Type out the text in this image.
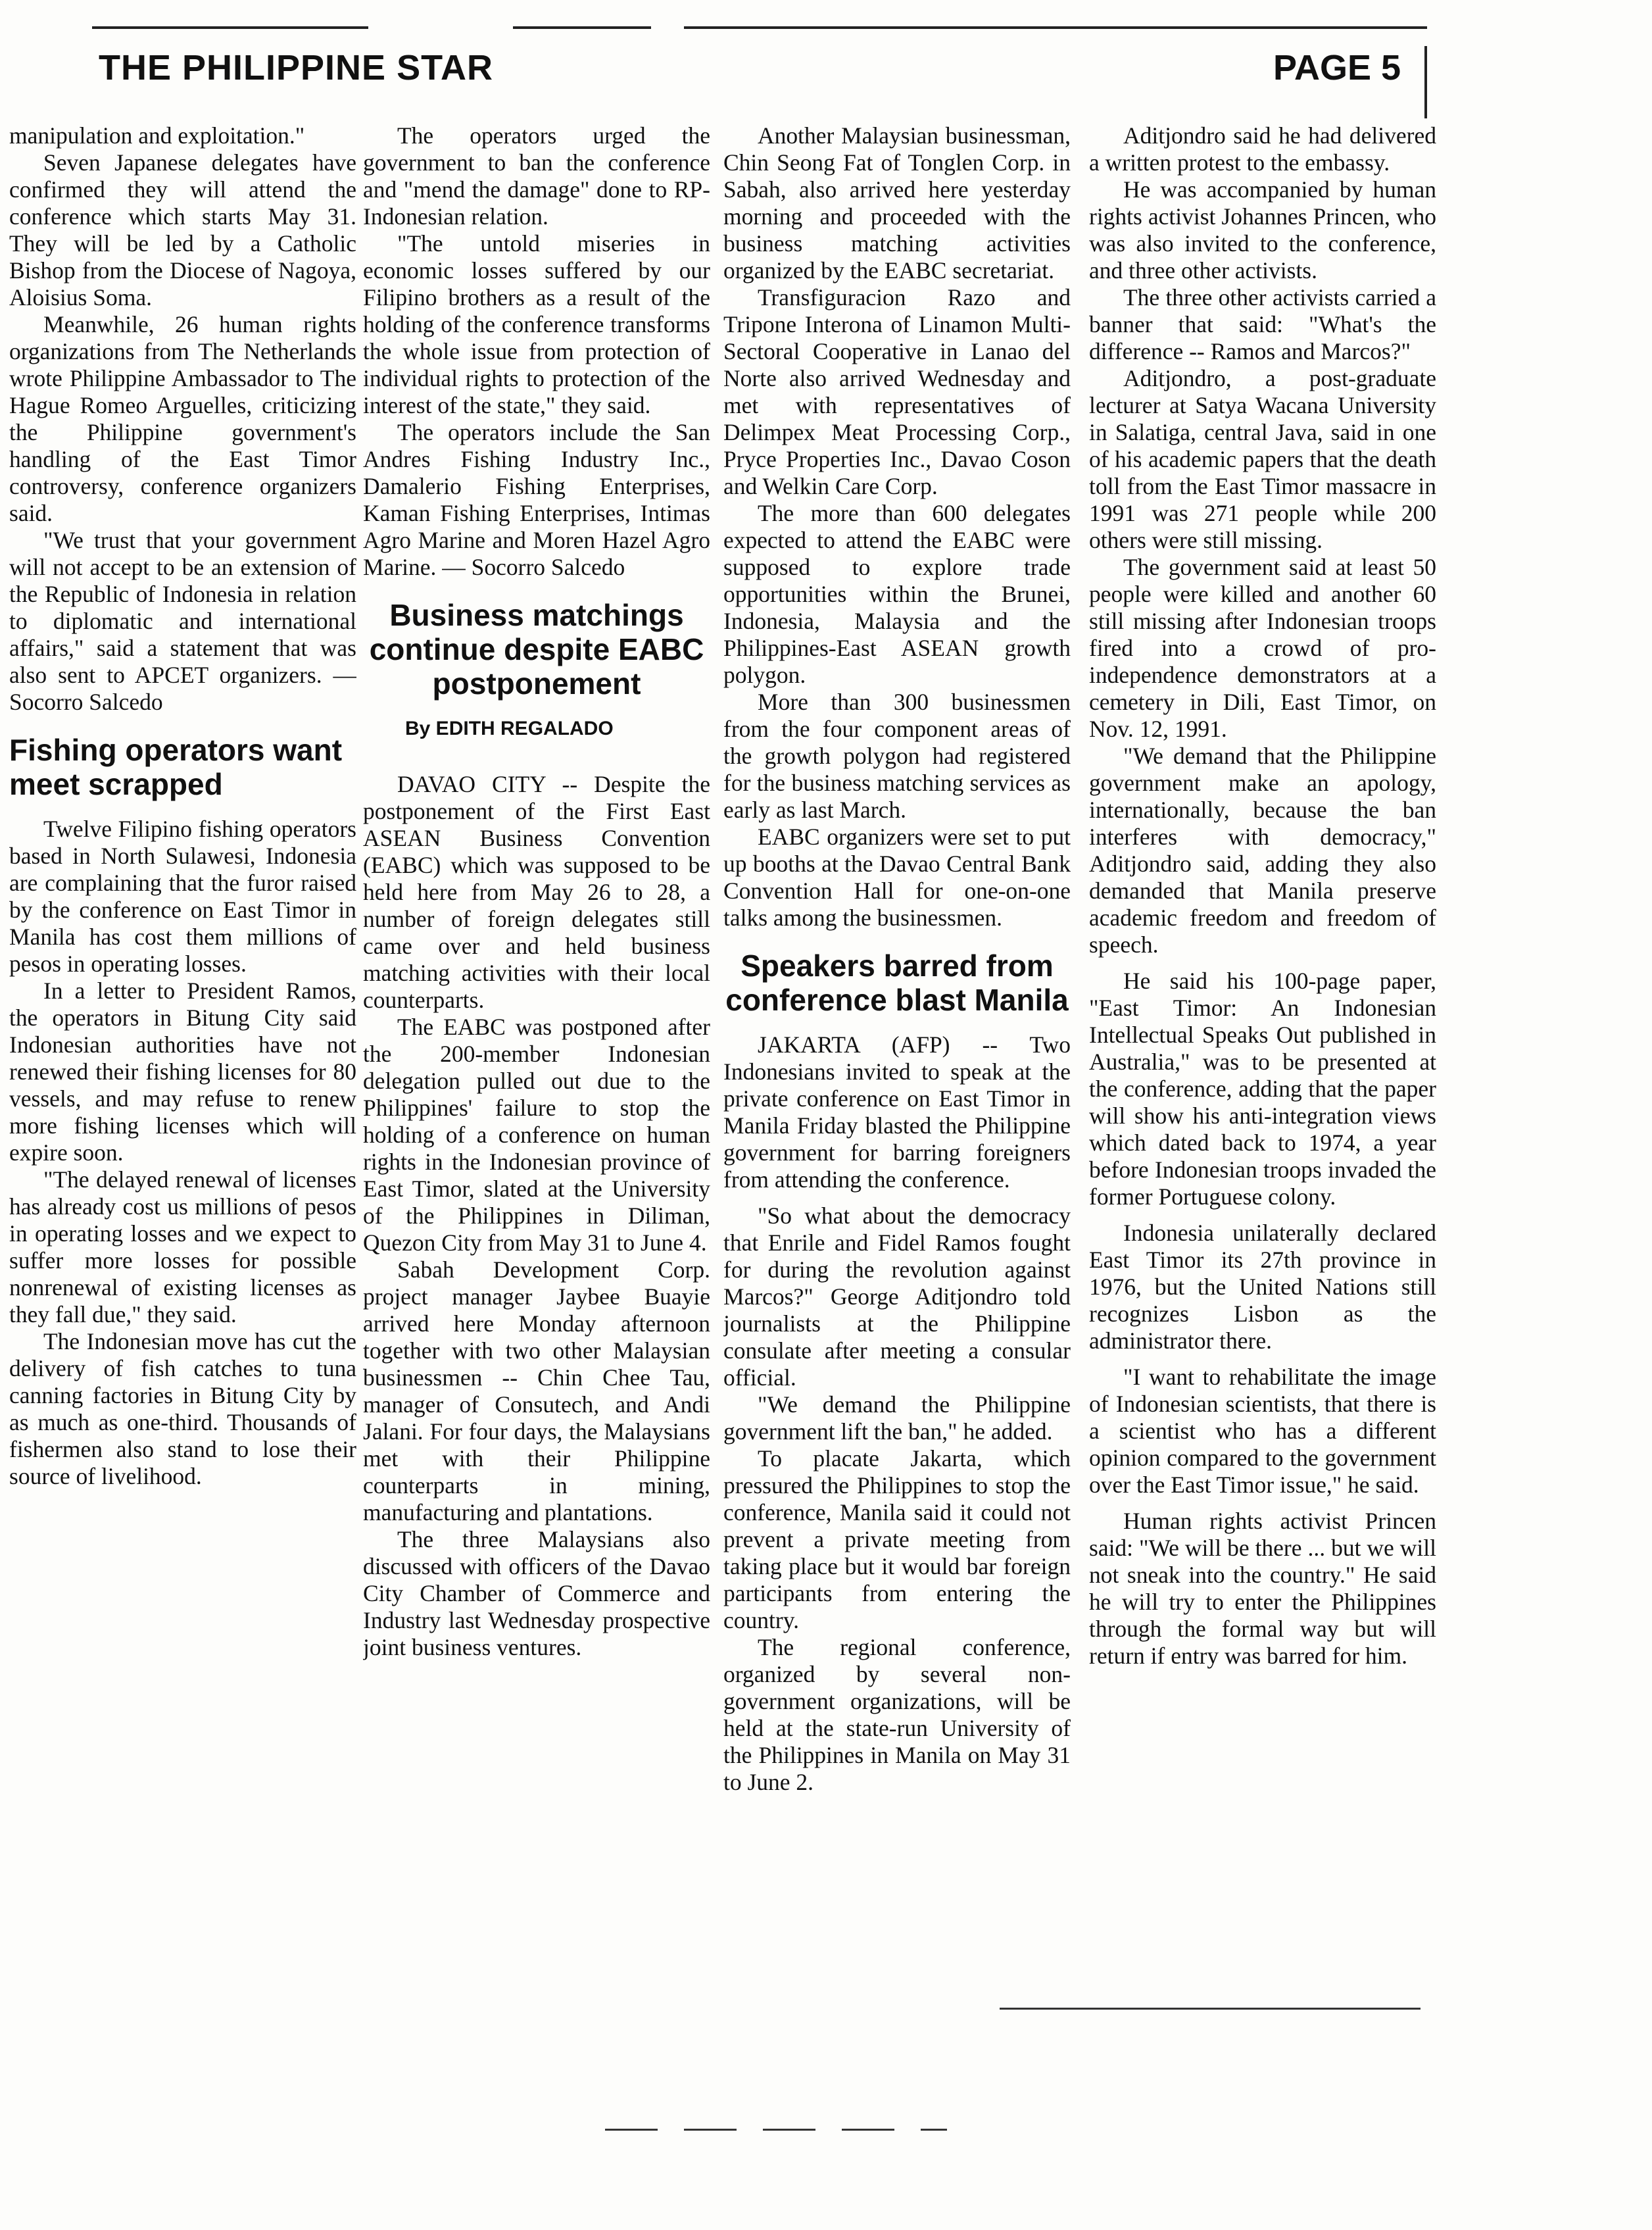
THE PHILIPPINE STAR	PAGE 5

manipulation and exploitation."

Seven Japanese delegates have confirmed they will attend the conference which starts May 31. They will be led by a Catholic Bishop from the Diocese of Nagoya, Aloisius Soma.

Meanwhile, 26 human rights organizations from The Netherlands wrote Philippine Ambassador to The Hague Romeo Arguelles, criticizing the Philippine government's handling of the East Timor controversy, conference organizers said.

"We trust that your government will not accept to be an extension of the Republic of Indonesia in relation to diplomatic and international affairs," said a statement that was also sent to APCET organizers. — Socorro Salcedo

Fishing operators want meet scrapped

Twelve Filipino fishing operators based in North Sulawesi, Indonesia are complaining that the furor raised by the conference on East Timor in Manila has cost them millions of pesos in operating losses.

In a letter to President Ramos, the operators in Bitung City said Indonesian authorities have not renewed their fishing licenses for 80 vessels, and may refuse to renew more fishing licenses which will expire soon.

"The delayed renewal of licenses has already cost us millions of pesos in operating losses and we expect to suffer more losses for possible nonrenewal of existing licenses as they fall due," they said.

The Indonesian move has cut the delivery of fish catches to tuna canning factories in Bitung City by as much as one-third. Thousands of fishermen also stand to lose their source of livelihood.

The operators urged the government to ban the conference and "mend the damage" done to RP-Indonesian relation.

"The untold miseries in economic losses suffered by our Filipino brothers as a result of the holding of the conference transforms the whole issue from protection of individual rights to protection of the interest of the state," they said.

The operators include the San Andres Fishing Industry Inc., Damalerio Fishing Enterprises, Kaman Fishing Enterprises, Intimas Agro Marine and Moren Hazel Agro Marine. — Socorro Salcedo

Business matchings continue despite EABC postponement
By EDITH REGALADO

DAVAO CITY -- Despite the postponement of the First East ASEAN Business Convention (EABC) which was supposed to be held here from May 26 to 28, a number of foreign delegates still came over and held business matching activities with their local counterparts.

The EABC was postponed after the 200-member Indonesian delegation pulled out due to the Philippines' failure to stop the holding of a conference on human rights in the Indonesian province of East Timor, slated at the University of the Philippines in Diliman, Quezon City from May 31 to June 4.

Sabah Development Corp. project manager Jaybee Buayie arrived here Monday afternoon together with two other Malaysian businessmen -- Chin Chee Tau, manager of Consutech, and Andi Jalani. For four days, the Malaysians met with their Philippine counterparts in mining, manufacturing and plantations.

The three Malaysians also discussed with officers of the Davao City Chamber of Commerce and Industry last Wednesday prospective joint business ventures.

Another Malaysian businessman, Chin Seong Fat of Tonglen Corp. in Sabah, also arrived here yesterday morning and proceeded with the business matching activities organized by the EABC secretariat.

Transfiguracion Razo and Tripone Interona of Linamon Multi- Sectoral Cooperative in Lanao del Norte also arrived Wednesday and met with representatives of Delimpex Meat Processing Corp., Pryce Properties Inc., Davao Coson and Welkin Care Corp.

The more than 600 delegates expected to attend the EABC were supposed to explore trade opportunities within the Brunei, Indonesia, Malaysia and the Philippines-East ASEAN growth polygon.

More than 300 businessmen from the four component areas of the growth polygon had registered for the business matching services as early as last March.

EABC organizers were set to put up booths at the Davao Central Bank Convention Hall for one-on-one talks among the businessmen.

Speakers barred from conference blast Manila

JAKARTA (AFP) -- Two Indonesians invited to speak at the private conference on East Timor in Manila Friday blasted the Philippine government for barring foreigners from attending the conference.

"So what about the democracy that Enrile and Fidel Ramos fought for during the revolution against Marcos?" George Aditjondro told journalists at the Philippine consulate after meeting a consular official.

"We demand the Philippine government lift the ban," he added.

To placate Jakarta, which pressured the Philippines to stop the conference, Manila said it could not prevent a private meeting from taking place but it would bar foreign participants from entering the country.

The regional conference, organized by several non-government organizations, will be held at the state-run University of the Philippines in Manila on May 31 to June 2.

Aditjondro said he had delivered a written protest to the embassy.

He was accompanied by human rights activist Johannes Princen, who was also invited to the conference, and three other activists.

The three other activists carried a banner that said: "What's the difference -- Ramos and Marcos?"

Aditjondro, a post-graduate lecturer at Satya Wacana University in Salatiga, central Java, said in one of his academic papers that the death toll from the East Timor massacre in 1991 was 271 people while 200 others were still missing.

The government said at least 50 people were killed and another 60 still missing after Indonesian troops fired into a crowd of pro- independence demonstrators at a cemetery in Dili, East Timor, on Nov. 12, 1991.

"We demand that the Philippine government make an apology, internationally, because the ban interferes with democracy," Aditjondro said, adding they also demanded that Manila preserve academic freedom and freedom of speech.

He said his 100-page paper, "East Timor: An Indonesian Intellectual Speaks Out published in Australia," was to be presented at the conference, adding that the paper will show his anti-integration views which dated back to 1974, a year before Indonesian troops invaded the former Portuguese colony.

Indonesia unilaterally declared East Timor its 27th province in 1976, but the United Nations still recognizes Lisbon as the administrator there.

"I want to rehabilitate the image of Indonesian scientists, that there is a scientist who has a different opinion compared to the government over the East Timor issue," he said.

Human rights activist Princen said: "We will be there ... but we will not sneak into the country." He said he will try to enter the Philippines through the formal way but will return if entry was barred for him.
